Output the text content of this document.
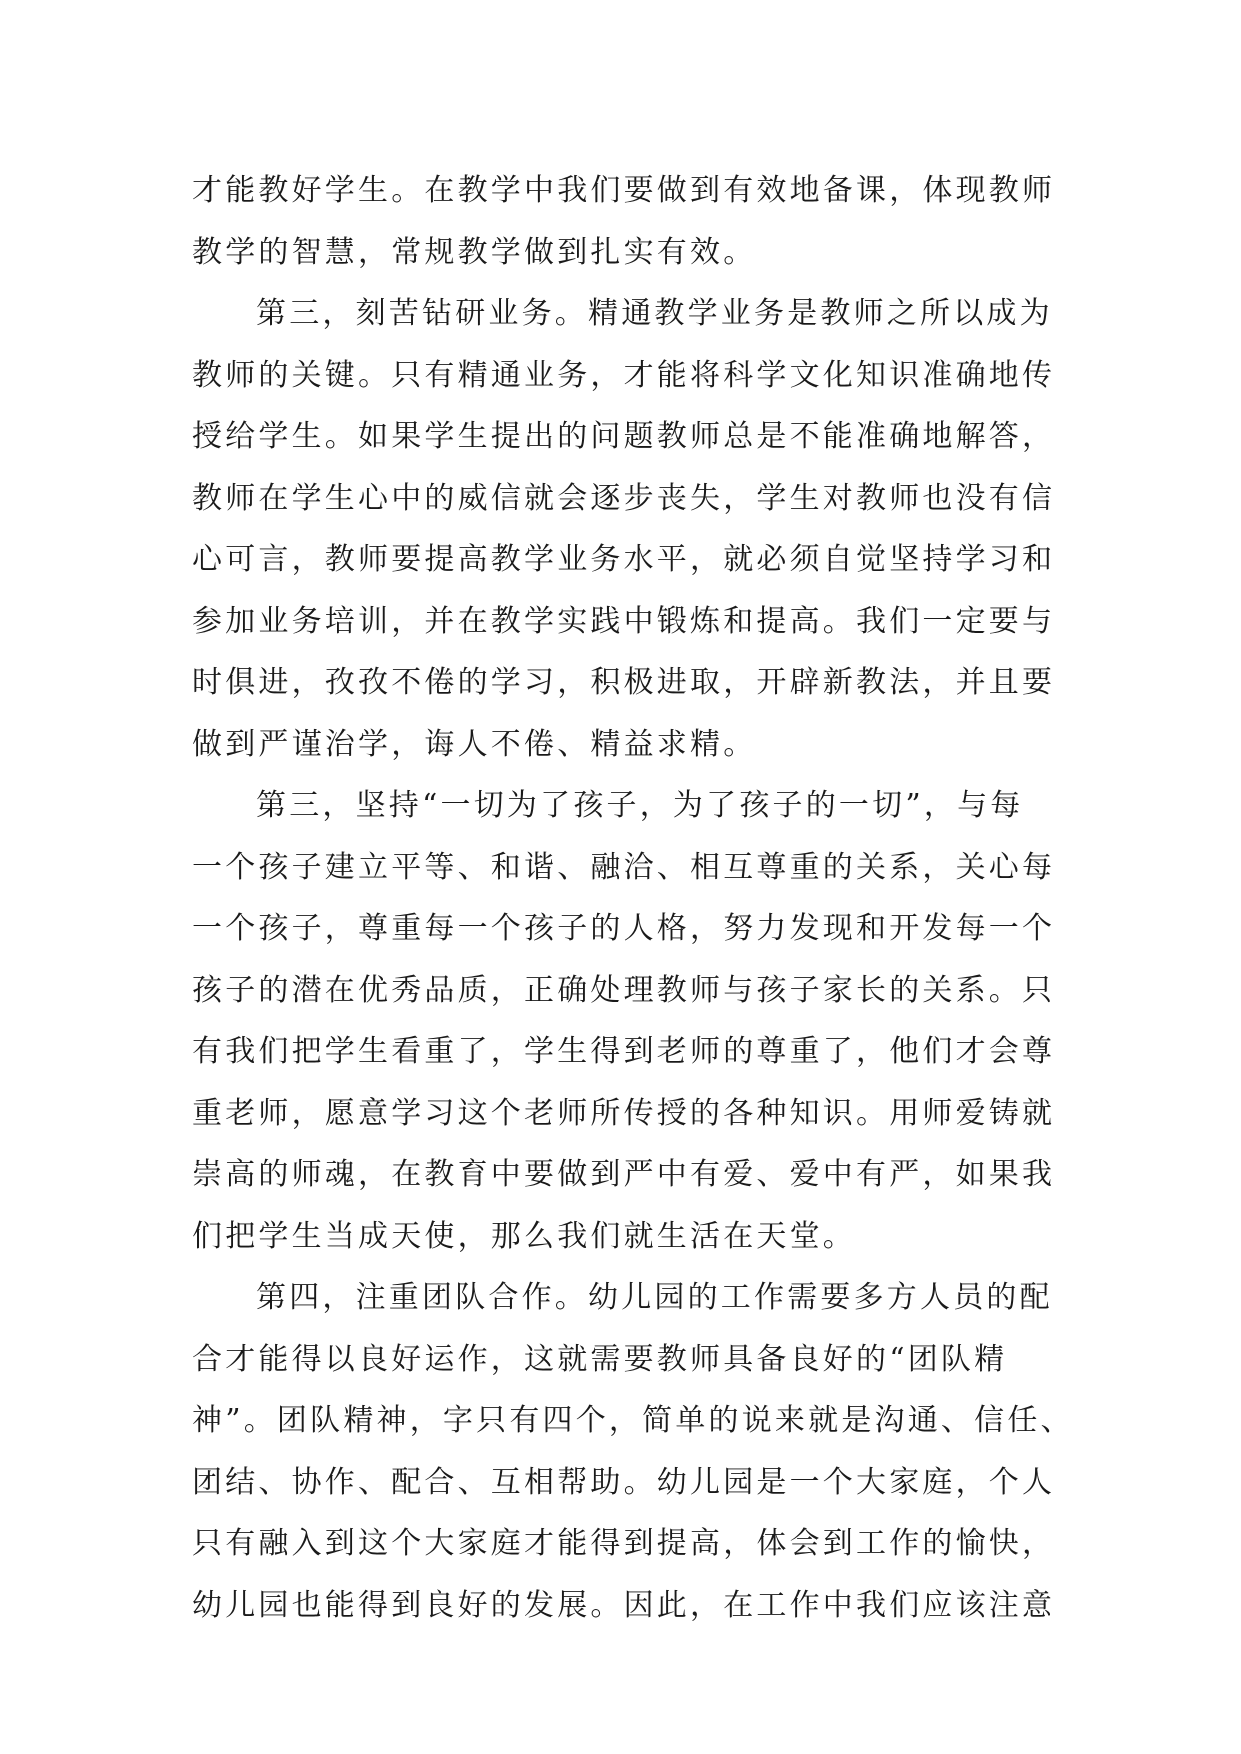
才能教好学生。在教学中我们要做到有效地备课，体现教师
教学的智慧，常规教学做到扎实有效。
第三，刻苦钻研业务。精通教学业务是教师之所以成为
教师的关键。只有精通业务，才能将科学文化知识准确地传
授给学生。如果学生提出的问题教师总是不能准确地解答，
教师在学生心中的威信就会逐步丧失，学生对教师也没有信
心可言，教师要提高教学业务水平，就必须自觉坚持学习和
参加业务培训，并在教学实践中锻炼和提高。我们一定要与
时俱进，孜孜不倦的学习，积极进取，开辟新教法，并且要
做到严谨治学，诲人不倦、精益求精。
第三，坚持“一切为了孩子，为了孩子的一切”，与每
一个孩子建立平等、和谐、融洽、相互尊重的关系，关心每
一个孩子，尊重每一个孩子的人格，努力发现和开发每一个
孩子的潜在优秀品质，正确处理教师与孩子家长的关系。只
有我们把学生看重了，学生得到老师的尊重了，他们才会尊
重老师，愿意学习这个老师所传授的各种知识。用师爱铸就
崇高的师魂，在教育中要做到严中有爱、爱中有严，如果我
们把学生当成天使，那么我们就生活在天堂。
第四，注重团队合作。幼儿园的工作需要多方人员的配
合才能得以良好运作，这就需要教师具备良好的“团队精
神”。团队精神，字只有四个，简单的说来就是沟通、信任、
团结、协作、配合、互相帮助。幼儿园是一个大家庭，个人
只有融入到这个大家庭才能得到提高，体会到工作的愉快，
幼儿园也能得到良好的发展。因此，在工作中我们应该注意
